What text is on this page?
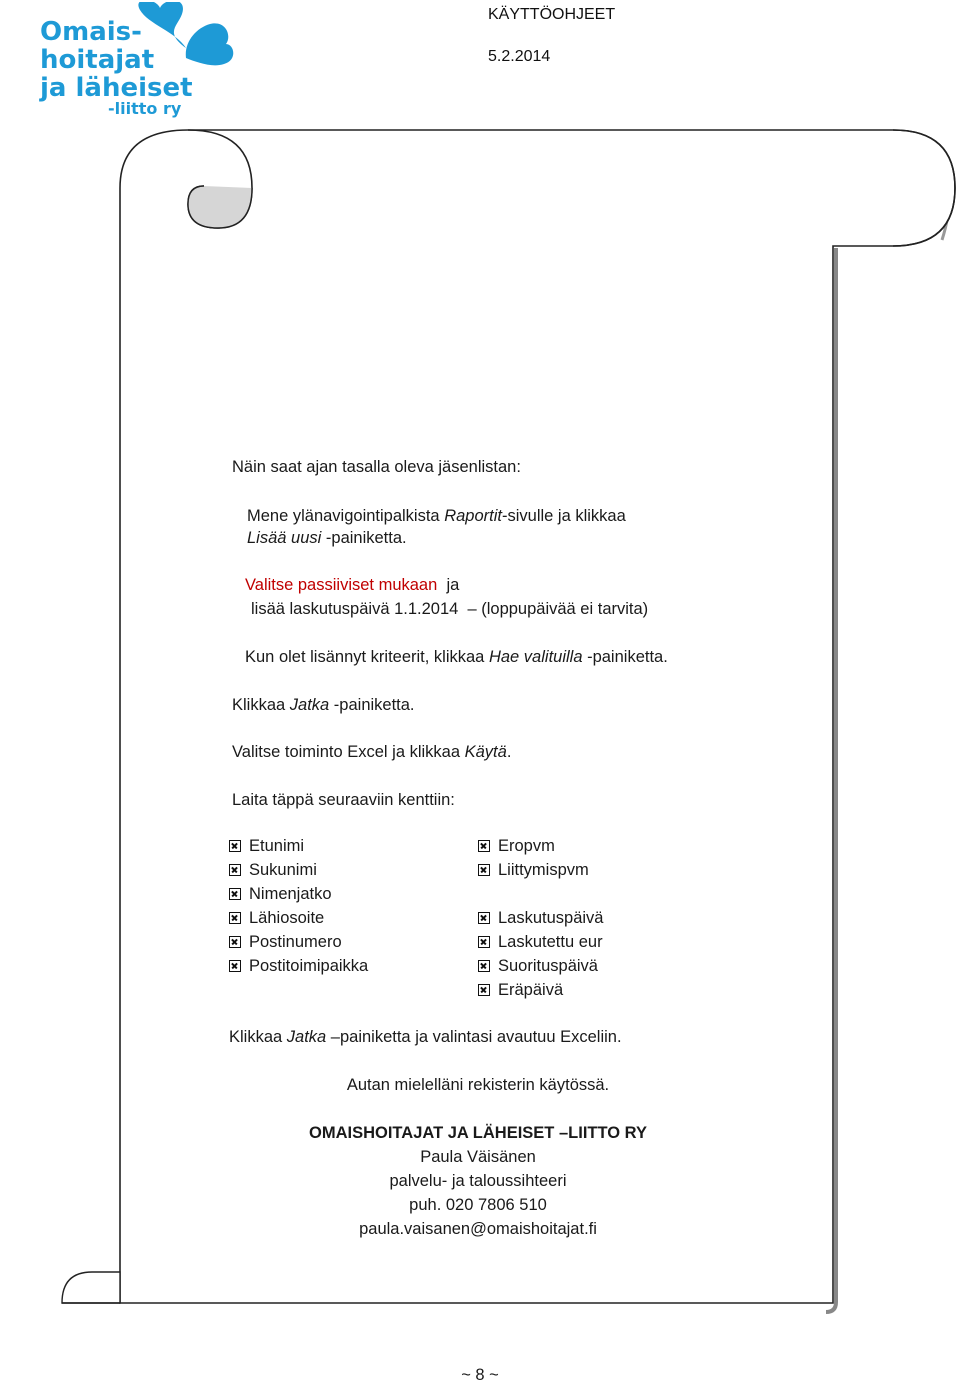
Omais-
hoitajat
ja läheiset
-liitto ry
KÄYTTÖOHJEET
5.2.2014
Näin saat ajan tasalla oleva jäsenlistan:
Mene ylänavigointipalkista Raportit-sivulle ja klikkaa
Lisää uusi -painiketta.
Valitse passiiviset mukaan  ja
lisää laskutuspäivä 1.1.2014  – (loppupäivää ei tarvita)
Kun olet lisännyt kriteerit, klikkaa Hae valituilla -painiketta.
Klikkaa Jatka -painiketta.
Valitse toiminto Excel ja klikkaa Käytä.
Laita täppä seuraaviin kenttiin:
Etunimi
Sukunimi
Nimenjatko
Lähiosoite
Postinumero
Postitoimipaikka
Eropvm
Liittymispvm
Laskutuspäivä
Laskutettu eur
Suorituspäivä
Eräpäivä
Klikkaa Jatka –painiketta ja valintasi avautuu Exceliin.
Autan mielelläni rekisterin käytössä.
OMAISHOITAJAT JA LÄHEISET –LIITTO RY
Paula Väisänen
palvelu- ja taloussihteeri
puh. 020 7806 510
paula.vaisanen@omaishoitajat.fi
~ 8 ~
